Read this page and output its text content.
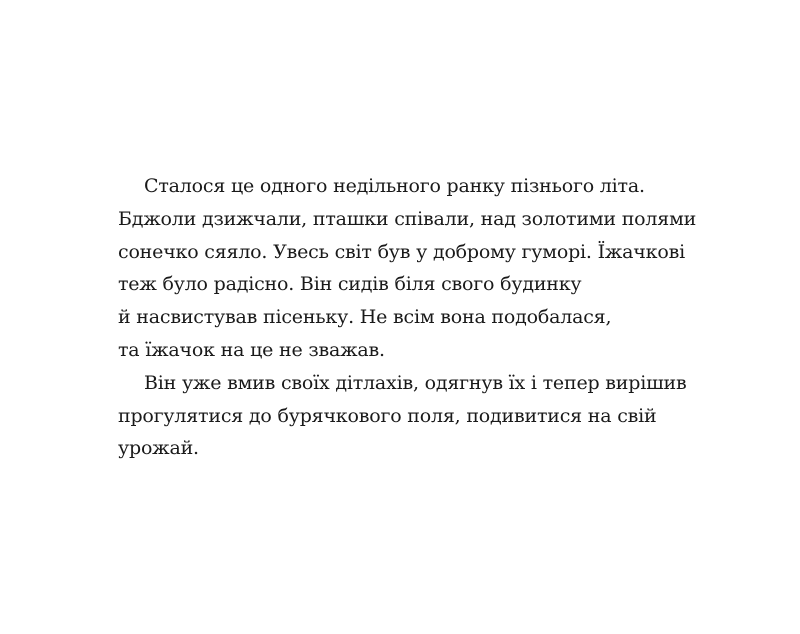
Сталося це одного недільного ранку пізнього літа.
Бджоли дзижчали, пташки співали, над золотими полями
сонечко сяяло. Увесь світ був у доброму гуморі. Їжачкові
теж було радісно. Він сидів біля свого будинку
й насвистував пісеньку. Не всім вона подобалася,
та їжачок на це не зважав.
Він уже вмив своїх дітлахів, одягнув їх і тепер вирішив
прогулятися до бурячкового поля, подивитися на свій
урожай.
